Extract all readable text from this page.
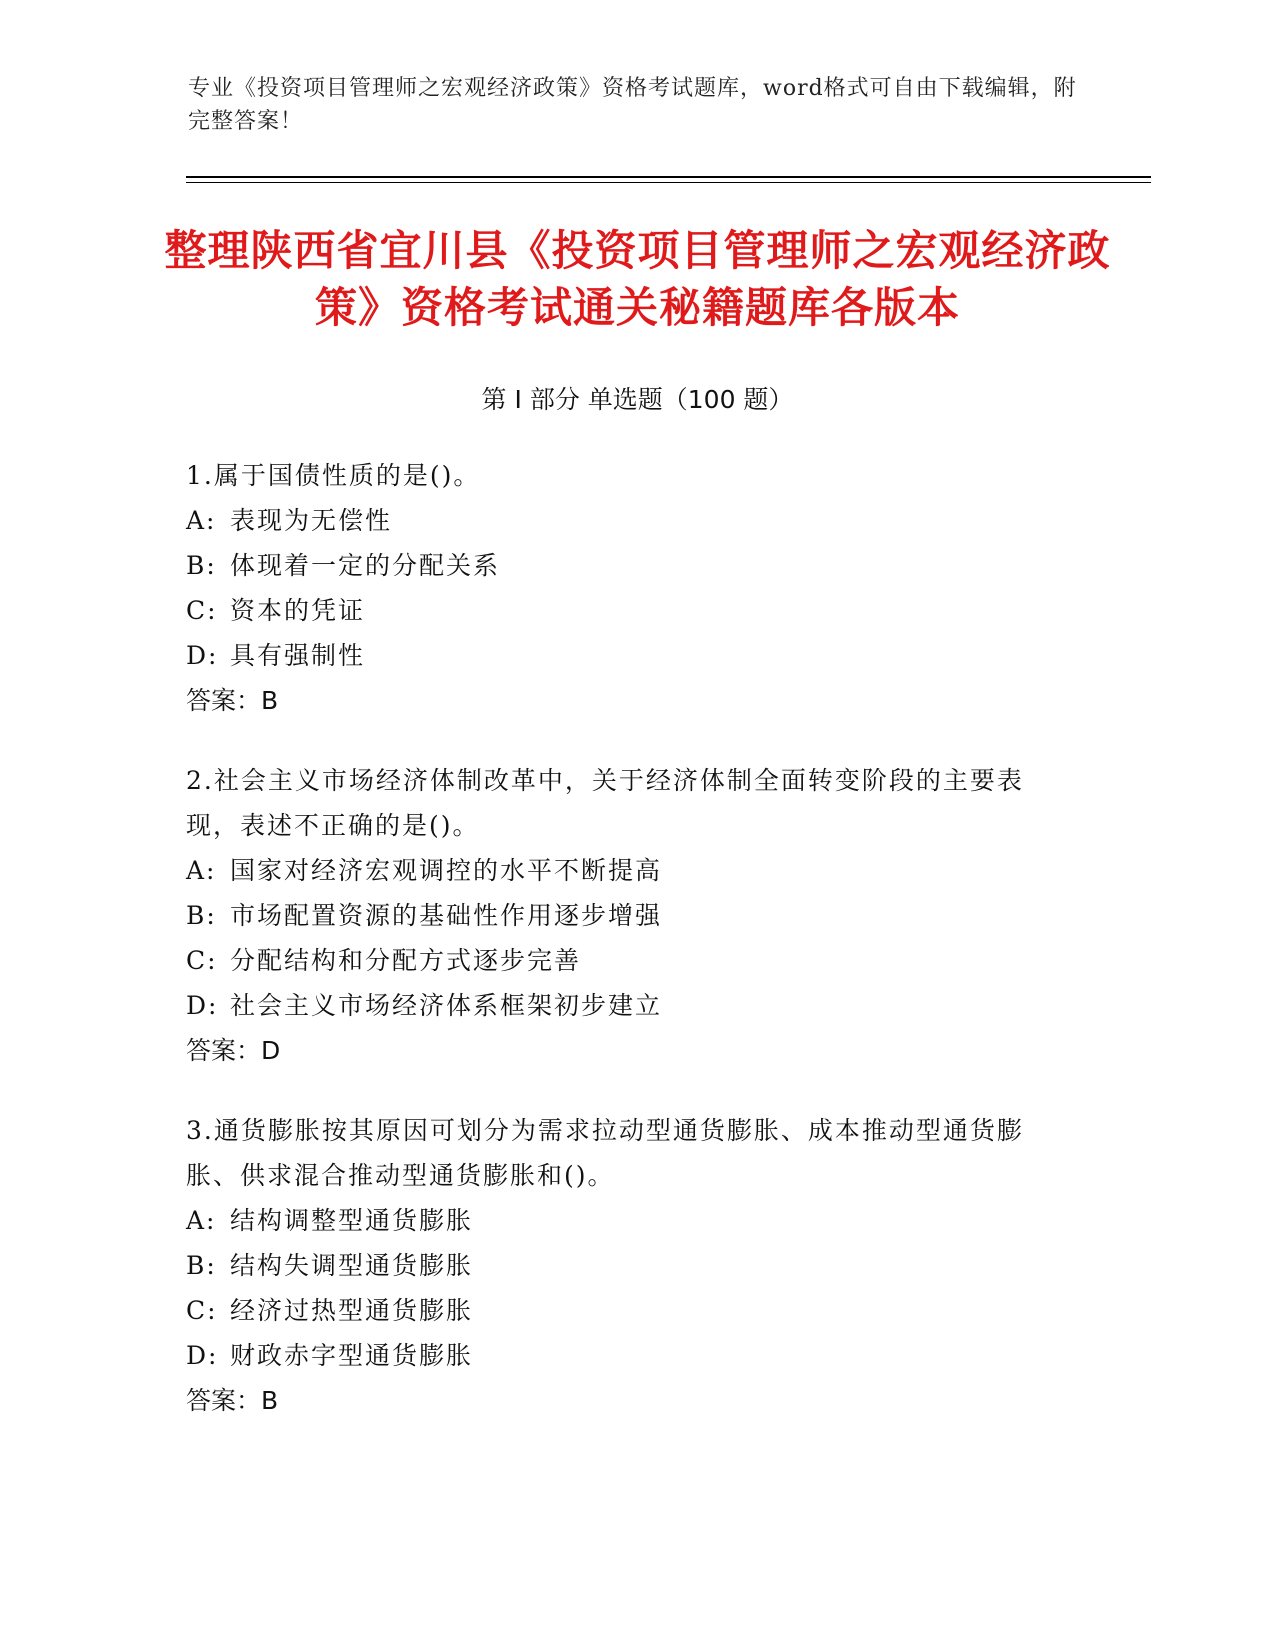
专业《投资项目管理师之宏观经济政策》资格考试题库，word格式可自由下载编辑，附完整答案！
整理陕西省宜川县《投资项目管理师之宏观经济政策》资格考试通关秘籍题库各版本
第 I 部分 单选题（100 题）

1.属于国债性质的是()。

A: 表现为无偿性

B: 体现着一定的分配关系

C: 资本的凭证

D: 具有强制性

答案：B

2.社会主义市场经济体制改革中，关于经济体制全面转变阶段的主要表现，表述不正确的是()。

A: 国家对经济宏观调控的水平不断提高

B: 市场配置资源的基础性作用逐步增强

C: 分配结构和分配方式逐步完善

D: 社会主义市场经济体系框架初步建立

答案：D

3.通货膨胀按其原因可划分为需求拉动型通货膨胀、成本推动型通货膨胀、供求混合推动型通货膨胀和()。

A: 结构调整型通货膨胀

B: 结构失调型通货膨胀

C: 经济过热型通货膨胀

D: 财政赤字型通货膨胀

答案：B
